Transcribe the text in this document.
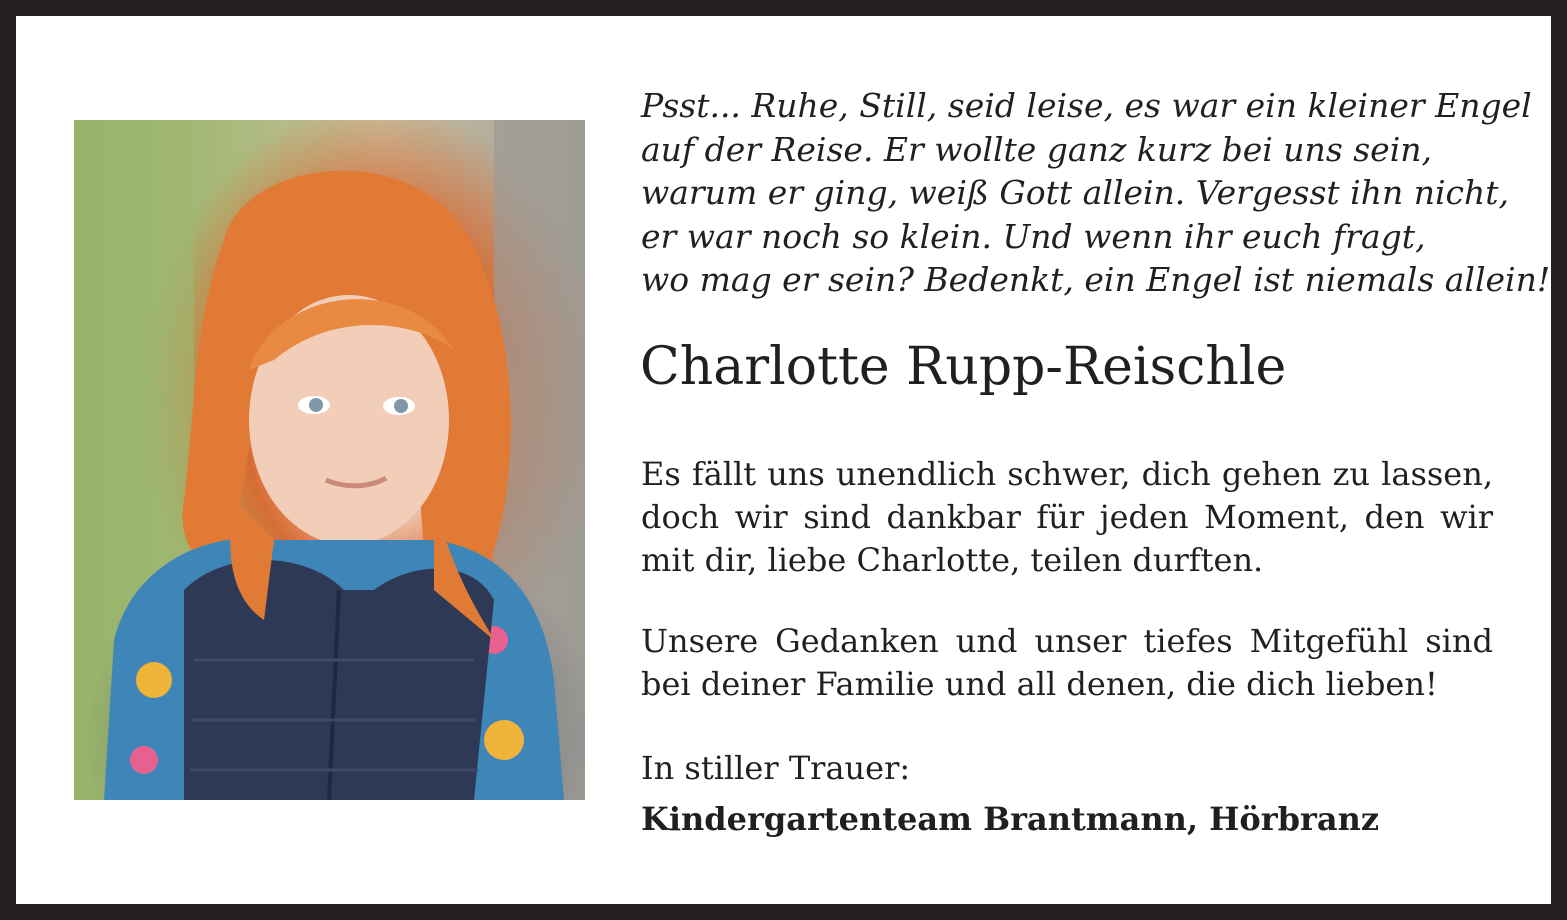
Psst... Ruhe, Still, seid leise, es war ein kleiner Engel
auf der Reise. Er wollte ganz kurz bei uns sein,
warum er ging, weiß Gott allein. Vergesst ihn nicht,
er war noch so klein. Und wenn ihr euch fragt,
wo mag er sein? Bedenkt, ein Engel ist niemals allein!
Charlotte Rupp-Reischle
Es fällt uns unendlich schwer, dich gehen zu lassen, doch wir sind dankbar für jeden Moment, den wir mit dir, liebe Charlotte, teilen durften.
Unsere Gedanken und unser tiefes Mitgefühl sind bei deiner Familie und all denen, die dich lieben!
In stiller Trauer:
Kindergartenteam Brantmann, Hörbranz
